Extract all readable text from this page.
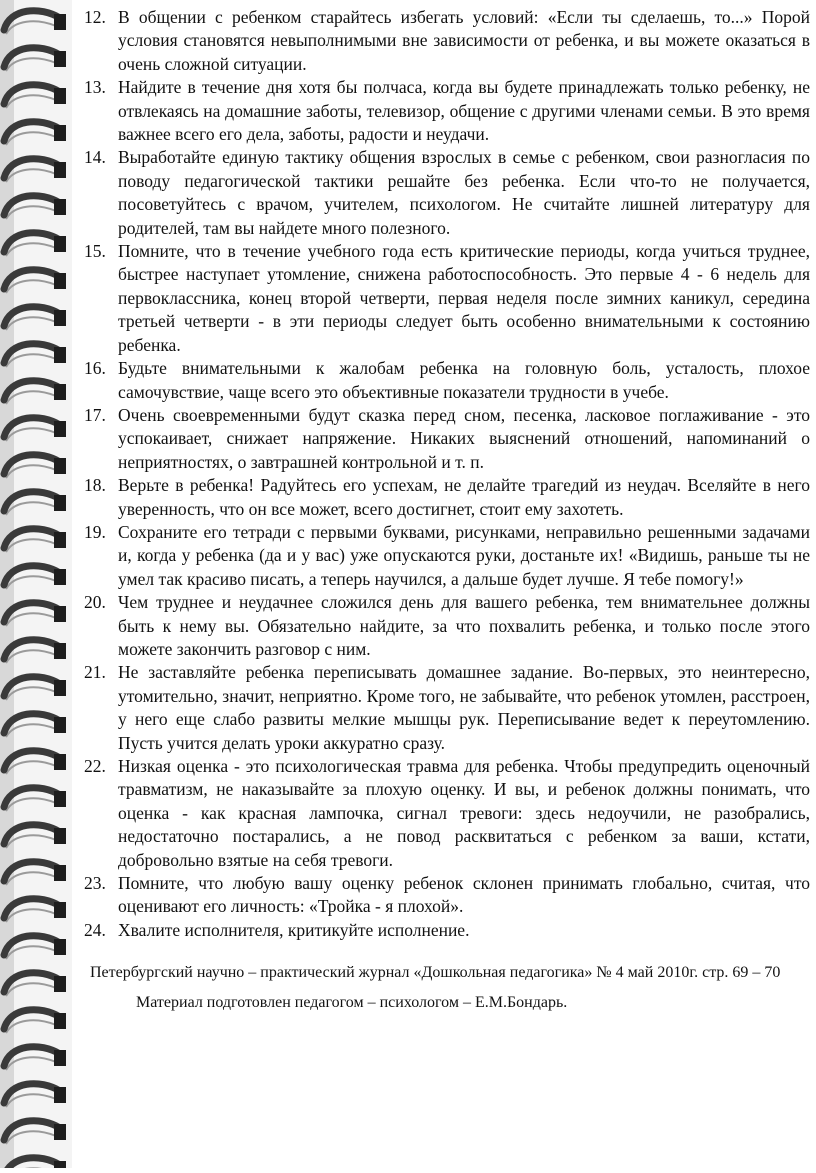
12. В общении с ребенком старайтесь избегать условий: «Если ты сделаешь, то...» Порой условия становятся невыполнимыми вне зависимости от ребенка, и вы можете оказаться в очень сложной ситуации.
13. Найдите в течение дня хотя бы полчаса, когда вы будете принадлежать только ребенку, не отвлекаясь на домашние заботы, телевизор, общение с другими членами семьи. В это время важнее всего его дела, заботы, радости и неудачи.
14. Выработайте единую тактику общения взрослых в семье с ребенком, свои разногласия по поводу педагогической тактики решайте без ребенка. Если что-то не получается, посоветуйтесь с врачом, учителем, психологом. Не считайте лишней литературу для родителей, там вы найдете много полезного.
15. Помните, что в течение учебного года есть критические периоды, когда учиться труднее, быстрее наступает утомление, снижена работоспособность. Это первые 4 - 6 недель для первоклассника, конец второй четверти, первая неделя после зимних каникул, середина третьей четверти - в эти периоды следует быть особенно внимательными к состоянию ребенка.
16. Будьте внимательными к жалобам ребенка на головную боль, усталость, плохое самочувствие, чаще всего это объективные показатели трудности в учебе.
17. Очень своевременными будут сказка перед сном, песенка, ласковое поглаживание - это успокаивает, снижает напряжение. Никаких выяснений отношений, напоминаний о неприятностях, о завтрашней контрольной и т. п.
18. Верьте в ребенка! Радуйтесь его успехам, не делайте трагедий из неудач. Вселяйте в него уверенность, что он все может, всего достигнет, стоит ему захотеть.
19. Сохраните его тетради с первыми буквами, рисунками, неправильно решенными задачами и, когда у ребенка (да и у вас) уже опускаются руки, достаньте их! «Видишь, раньше ты не умел так красиво писать, а теперь научился, а дальше будет лучше. Я тебе помогу!»
20. Чем труднее и неудачнее сложился день для вашего ребенка, тем внимательнее должны быть к нему вы. Обязательно найдите, за что похвалить ребенка, и только после этого можете закончить разговор с ним.
21. Не заставляйте ребенка переписывать домашнее задание. Во-первых, это неинтересно, утомительно, значит, неприятно. Кроме того, не забывайте, что ребенок утомлен, расстроен, у него еще слабо развиты мелкие мышцы рук. Переписывание ведет к переутомлению. Пусть учится делать уроки аккуратно сразу.
22. Низкая оценка - это психологическая травма для ребенка. Чтобы предупредить оценочный травматизм, не наказывайте за плохую оценку. И вы, и ребенок должны понимать, что оценка - как красная лампочка, сигнал тревоги: здесь недоучили, не разобрались, недостаточно постарались, а не повод расквитаться с ребенком за ваши, кстати, добровольно взятые на себя тревоги.
23. Помните, что любую вашу оценку ребенок склонен принимать глобально, считая, что оценивают его личность: «Тройка - я плохой».
24. Хвалите исполнителя, критикуйте исполнение.
Петербургский научно – практический журнал «Дошкольная педагогика» № 4 май 2010г. стр. 69 – 70
Материал подготовлен педагогом – психологом – Е.М.Бондарь.
